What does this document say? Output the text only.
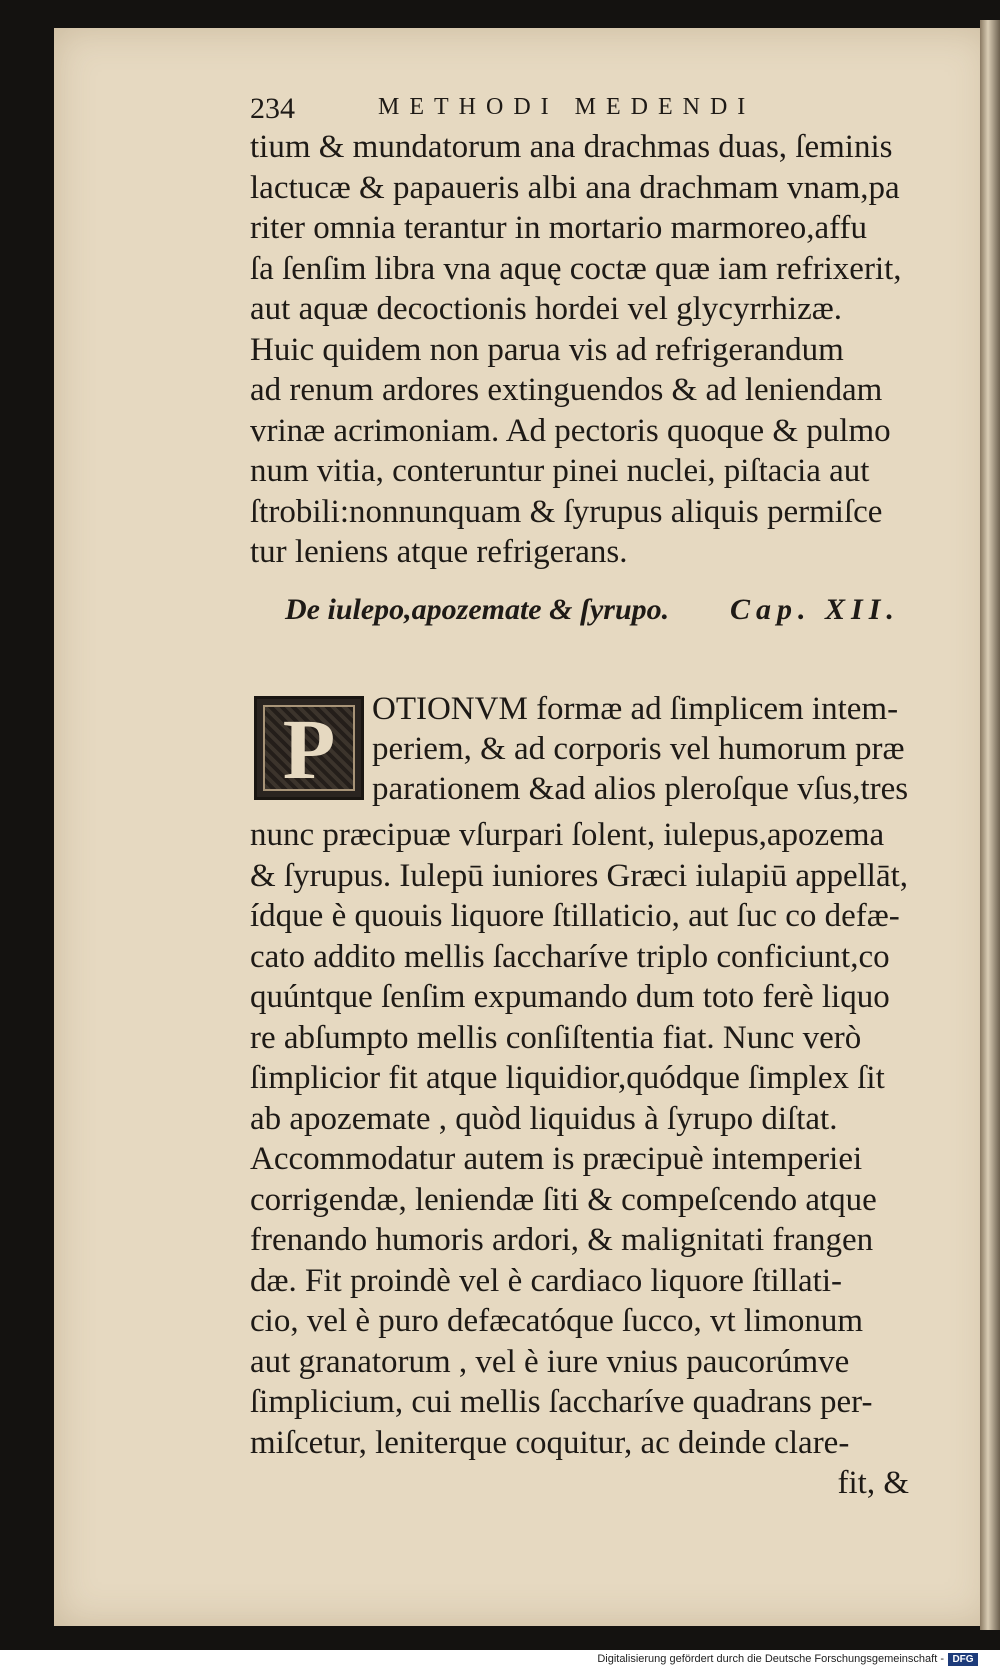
234	METHODI MEDENDI
tium & mundatorum ana drachmas duas, ſeminis
lactucæ & papaueris albi ana drachmam vnam,pa
riter omnia terantur in mortario marmoreo,affu
ſa ſenſim libra vna aquę coctæ quæ iam refrixerit,
aut aquæ decoctionis hordei vel glycyrrhizæ.
Huic quidem non parua vis ad refrigerandum
ad renum ardores extinguendos & ad leniendam
vrinæ acrimoniam. Ad pectoris quoque & pulmo
num vitia, conteruntur pinei nuclei, piſtacia aut
ſtrobili:nonnunquam & ſyrupus aliquis permiſce
tur leniens atque refrigerans.
De iulepo,apozemate & ſyrupo. Cap. XII.
P	OTIONVM formæ ad ſimplicem intem-
periem, & ad corporis vel humorum præ
parationem &ad alios pleroſque vſus,tres
nunc præcipuæ vſurpari ſolent, iulepus,apozema
& ſyrupus. Iulepū iuniores Græci iulapiū appellāt,
ídque è quouis liquore ſtillaticio, aut ſuc co defæ-
cato addito mellis ſaccharíve triplo conficiunt,co
quúntque ſenſim expumando dum toto ferè liquo
re abſumpto mellis conſiſtentia fiat. Nunc verò
ſimplicior fit atque liquidior,quódque ſimplex ſit
ab apozemate , quòd liquidus à ſyrupo diſtat.
Accommodatur autem is præcipuè intemperiei
corrigendæ, leniendæ ſiti & compeſcendo atque
frenando humoris ardori, & malignitati frangen
dæ. Fit proindè vel è cardiaco liquore ſtillati-
cio, vel è puro defæcatóque ſucco, vt limonum
aut granatorum , vel è iure vnius paucorúmve
ſimplicium, cui mellis ſaccharíve quadrans per-
miſcetur, leniterque coquitur, ac deinde clare-
fit, &
Digitalisierung gefördert durch die Deutsche Forschungsgemeinschaft - DFG
